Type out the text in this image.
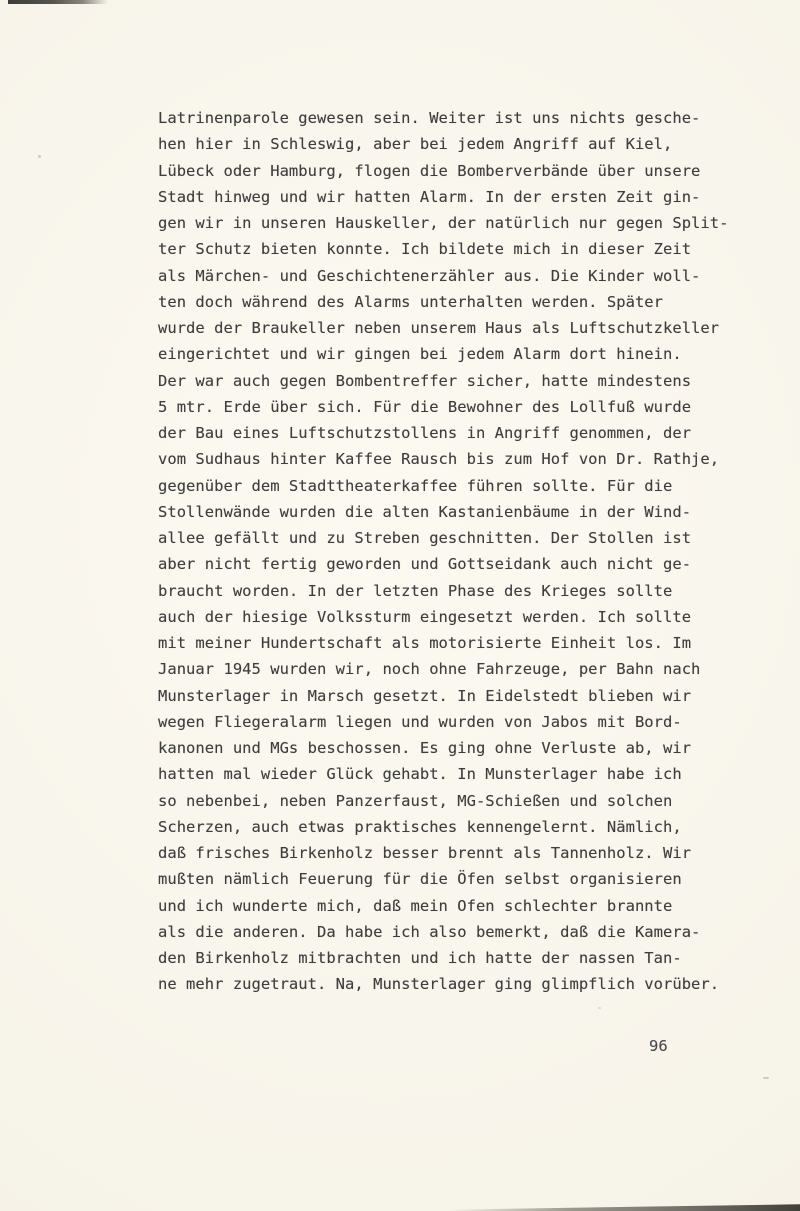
Latrinenparole gewesen sein. Weiter ist uns nichts gesche-
hen hier in Schleswig, aber bei jedem Angriff auf Kiel,
Lübeck oder Hamburg, flogen die Bomberverbände über unsere
Stadt hinweg und wir hatten Alarm. In der ersten Zeit gin-
gen wir in unseren Hauskeller, der natürlich nur gegen Split-
ter Schutz bieten konnte. Ich bildete mich in dieser Zeit
als Märchen- und Geschichtenerzähler aus. Die Kinder woll-
ten doch während des Alarms unterhalten werden. Später
wurde der Braukeller neben unserem Haus als Luftschutzkeller
eingerichtet und wir gingen bei jedem Alarm dort hinein.
Der war auch gegen Bombentreffer sicher, hatte mindestens
5 mtr. Erde über sich. Für die Bewohner des Lollfuß wurde
der Bau eines Luftschutzstollens in Angriff genommen, der
vom Sudhaus hinter Kaffee Rausch bis zum Hof von Dr. Rathje,
gegenüber dem Stadttheaterkaffee führen sollte. Für die
Stollenwände wurden die alten Kastanienbäume in der Wind-
allee gefällt und zu Streben geschnitten. Der Stollen ist
aber nicht fertig geworden und Gottseidank auch nicht ge-
braucht worden. In der letzten Phase des Krieges sollte
auch der hiesige Volkssturm eingesetzt werden. Ich sollte
mit meiner Hundertschaft als motorisierte Einheit los. Im
Januar 1945 wurden wir, noch ohne Fahrzeuge, per Bahn nach
Munsterlager in Marsch gesetzt. In Eidelstedt blieben wir
wegen Fliegeralarm liegen und wurden von Jabos mit Bord-
kanonen und MGs beschossen. Es ging ohne Verluste ab, wir
hatten mal wieder Glück gehabt. In Munsterlager habe ich
so nebenbei, neben Panzerfaust, MG-Schießen und solchen
Scherzen, auch etwas praktisches kennengelernt. Nämlich,
daß frisches Birkenholz besser brennt als Tannenholz. Wir
mußten nämlich Feuerung für die Öfen selbst organisieren
und ich wunderte mich, daß mein Ofen schlechter brannte
als die anderen. Da habe ich also bemerkt, daß die Kamera-
den Birkenholz mitbrachten und ich hatte der nassen Tan-
ne mehr zugetraut. Na, Munsterlager ging glimpflich vorüber.
96
